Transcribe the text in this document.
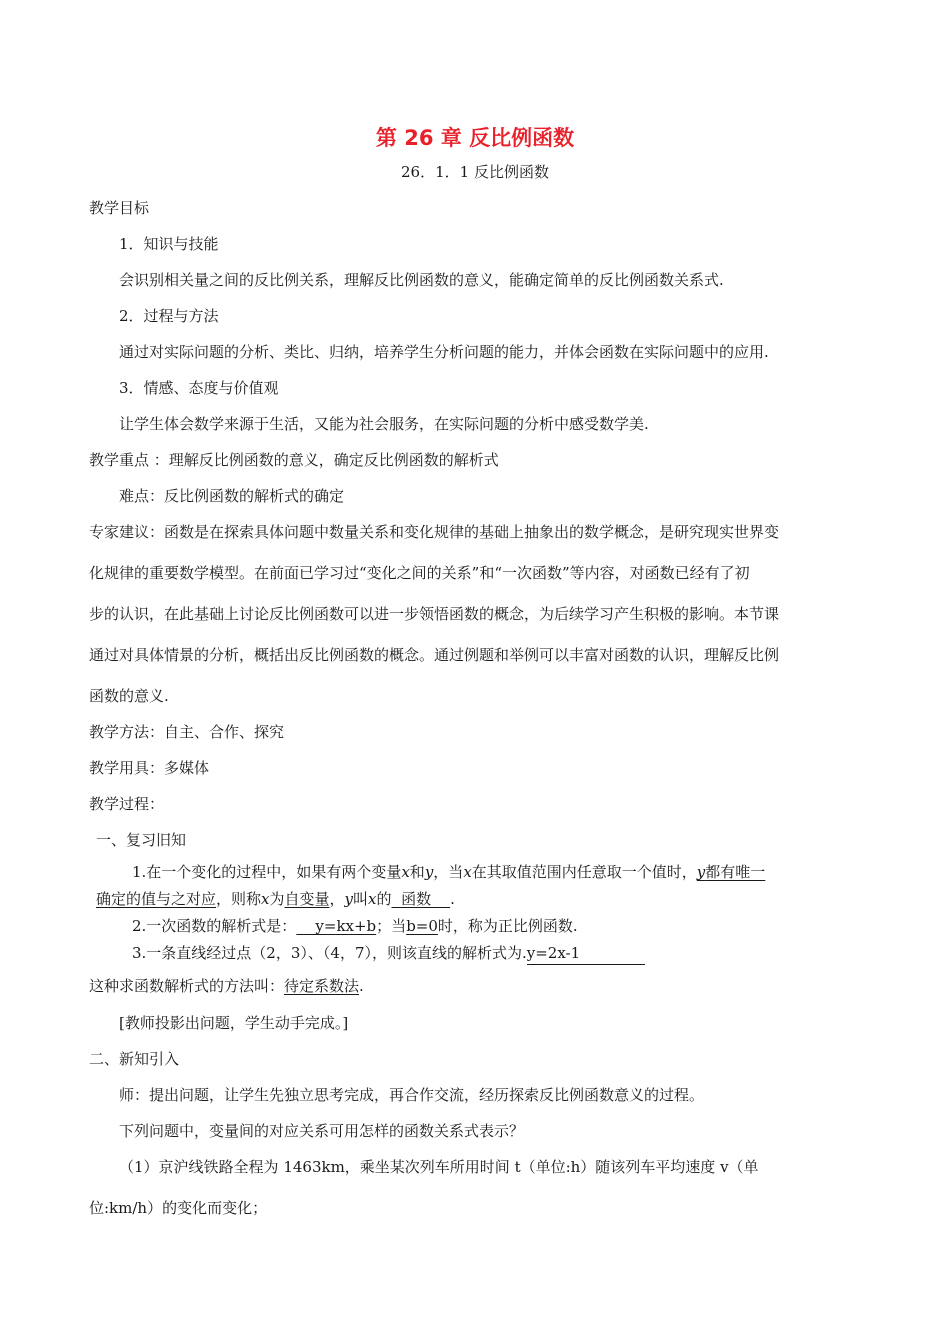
第 26 章 反比例函数
26．1．1 反比例函数
教学目标
1．知识与技能
会识别相关量之间的反比例关系，理解反比例函数的意义，能确定简单的反比例函数关系式.
2．过程与方法
通过对实际问题的分析、类比、归纳，培养学生分析问题的能力，并体会函数在实际问题中的应用.
3．情感、态度与价值观
让学生体会数学来源于生活，又能为社会服务，在实际问题的分析中感受数学美.
教学重点 ：理解反比例函数的意义，确定反比例函数的解析式
难点：反比例函数的解析式的确定
专家建议：函数是在探索具体问题中数量关系和变化规律的基础上抽象出的数学概念，是研究现实世界变
化规律的重要数学模型。在前面已学习过“变化之间的关系”和“一次函数”等内容，对函数已经有了初
步的认识，在此基础上讨论反比例函数可以进一步领悟函数的概念，为后续学习产生积极的影响。本节课
通过对具体情景的分析，概括出反比例函数的概念。通过例题和举例可以丰富对函数的认识，理解反比例
函数的意义.
教学方法：自主、合作、探究
教学用具：多媒体
教学过程：
一、复习旧知
1.在一个变化的过程中，如果有两个变量x和y，当x在其取值范围内任意取一个值时，y都有唯一
确定的值与之对应，则称x为自变量，y叫x的  函数    .
2.一次函数的解析式是：    y=kx+b；当b=0时，称为正比例函数.
3.一条直线经过点（2，3）、（4，7），则该直线的解析式为.y=2x-1
这种求函数解析式的方法叫：待定系数法.
[教师投影出问题，学生动手完成。]
二、新知引入
师：提出问题，让学生先独立思考完成，再合作交流，经历探索反比例函数意义的过程。
下列问题中，变量间的对应关系可用怎样的函数关系式表示？
（1）京沪线铁路全程为 1463km，乘坐某次列车所用时间 t（单位:h）随该列车平均速度 v（单
位:km/h）的变化而变化；
